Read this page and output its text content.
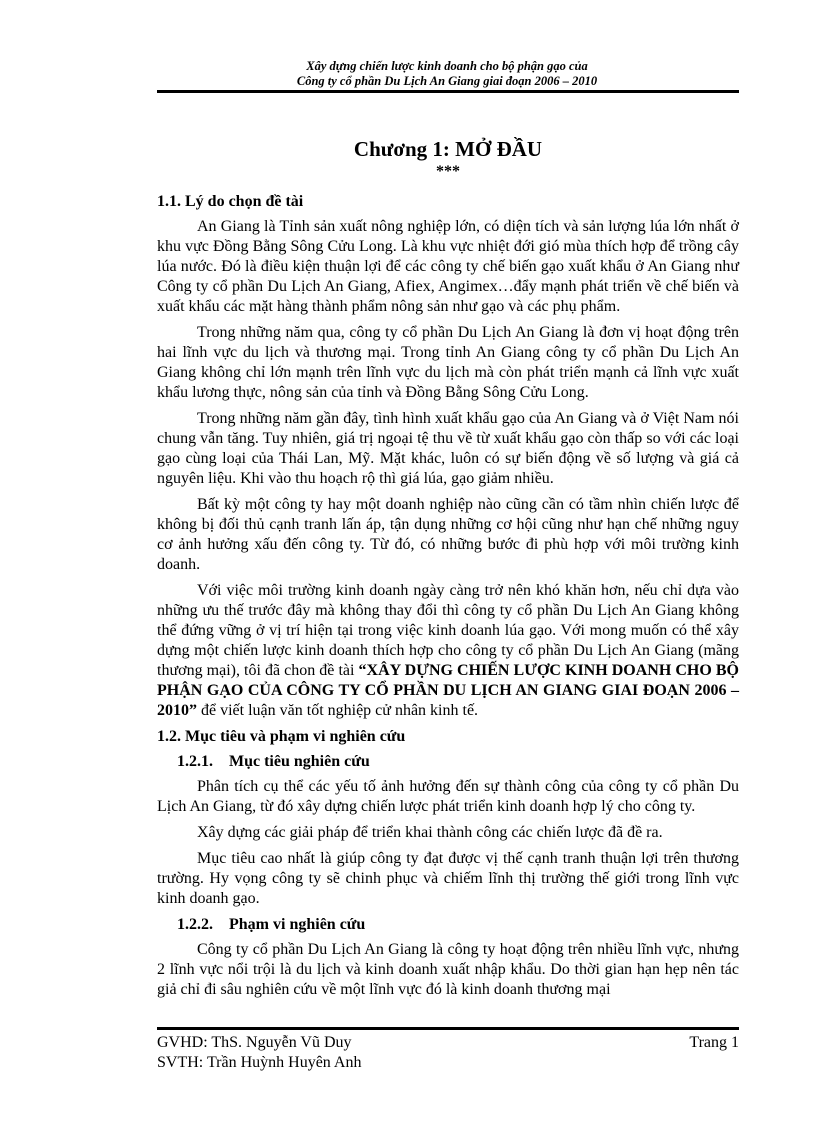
Xây dựng chiến lược kinh doanh cho bộ phận gạo của
Công ty cổ phần Du Lịch An Giang giai đoạn 2006 – 2010
Chương 1: MỞ ĐẦU
***
1.1. Lý do chọn đề tài

An Giang là Tỉnh sản xuất nông nghiệp lớn, có diện tích và sản lượng lúa lớn nhất ở khu vực Đồng Bằng Sông Cửu Long. Là khu vực nhiệt đới gió mùa thích hợp để trồng cây lúa nước. Đó là điều kiện thuận lợi để các công ty chế biến gạo xuất khẩu ở An Giang như Công ty cổ phần Du Lịch An Giang, Afiex, Angimex…đẩy mạnh phát triển về chế biến và xuất khẩu các mặt hàng thành phẩm nông sản như gạo và các phụ phẩm.

Trong những năm qua, công ty cổ phần Du Lịch An Giang là đơn vị hoạt động trên hai lĩnh vực du lịch và thương mại. Trong tỉnh An Giang công ty cổ phần Du Lịch An Giang không chỉ lớn mạnh trên lĩnh vực du lịch mà còn phát triển mạnh cả lĩnh vực xuất khẩu lương thực, nông sản của tỉnh và Đồng Bằng Sông Cửu Long.

Trong những năm gần đây, tình hình xuất khẩu gạo của An Giang và ở Việt Nam nói chung vẫn tăng. Tuy nhiên, giá trị ngoại tệ thu về từ xuất khẩu gạo còn thấp so với các loại gạo cùng loại của Thái Lan, Mỹ. Mặt khác, luôn có sự biến động về số lượng và giá cả nguyên liệu. Khi vào thu hoạch rộ thì giá lúa, gạo giảm nhiều.

Bất kỳ một công ty hay một doanh nghiệp nào cũng cần có tầm nhìn chiến lược để không bị đối thủ cạnh tranh lấn áp, tận dụng những cơ hội cũng như hạn chế những nguy cơ ảnh hưởng xấu đến công ty. Từ đó, có những bước đi phù hợp với môi trường kinh doanh.

Với việc môi trường kinh doanh ngày càng trở nên khó khăn hơn, nếu chỉ dựa vào những ưu thế trước đây mà không thay đổi thì công ty cổ phần Du Lịch An Giang không thể đứng vững ở vị trí hiện tại trong việc kinh doanh lúa gạo. Với mong muốn có thể xây dựng một chiến lược kinh doanh thích hợp cho công ty cổ phần Du Lịch An Giang (mãng thương mại), tôi đã chon đề tài “XÂY DỰNG CHIẾN LƯỢC KINH DOANH CHO BỘ PHẬN GẠO CỦA CÔNG TY CỔ PHẦN DU LỊCH AN GIANG GIAI ĐOẠN 2006 – 2010” để viết luận văn tốt nghiệp cử nhân kinh tế.

1.2. Mục tiêu và phạm vi nghiên cứu
1.2.1. Mục tiêu nghiên cứu

Phân tích cụ thể các yếu tố ảnh hưởng đến sự thành công của công ty cổ phần Du Lịch An Giang, từ đó xây dựng chiến lược phát triển kinh doanh hợp lý cho công ty.

Xây dựng các giải pháp để triển khai thành công các chiến lược đã đề ra.

Mục tiêu cao nhất là giúp công ty đạt được vị thế cạnh tranh thuận lợi trên thương trường. Hy vọng công ty sẽ chinh phục và chiếm lĩnh thị trường thế giới trong lĩnh vực kinh doanh gạo.

1.2.2. Phạm vi nghiên cứu

Công ty cổ phần Du Lịch An Giang là công ty hoạt động trên nhiều lĩnh vực, nhưng 2 lĩnh vực nổi trội là du lịch và kinh doanh xuất nhập khẩu. Do thời gian hạn hẹp nên tác giả chỉ đi sâu nghiên cứu về một lĩnh vực đó là kinh doanh thương mại

GVHD: ThS. Nguyễn Vũ Duy	Trang 1
SVTH: Trần Huỳnh Huyên Anh
